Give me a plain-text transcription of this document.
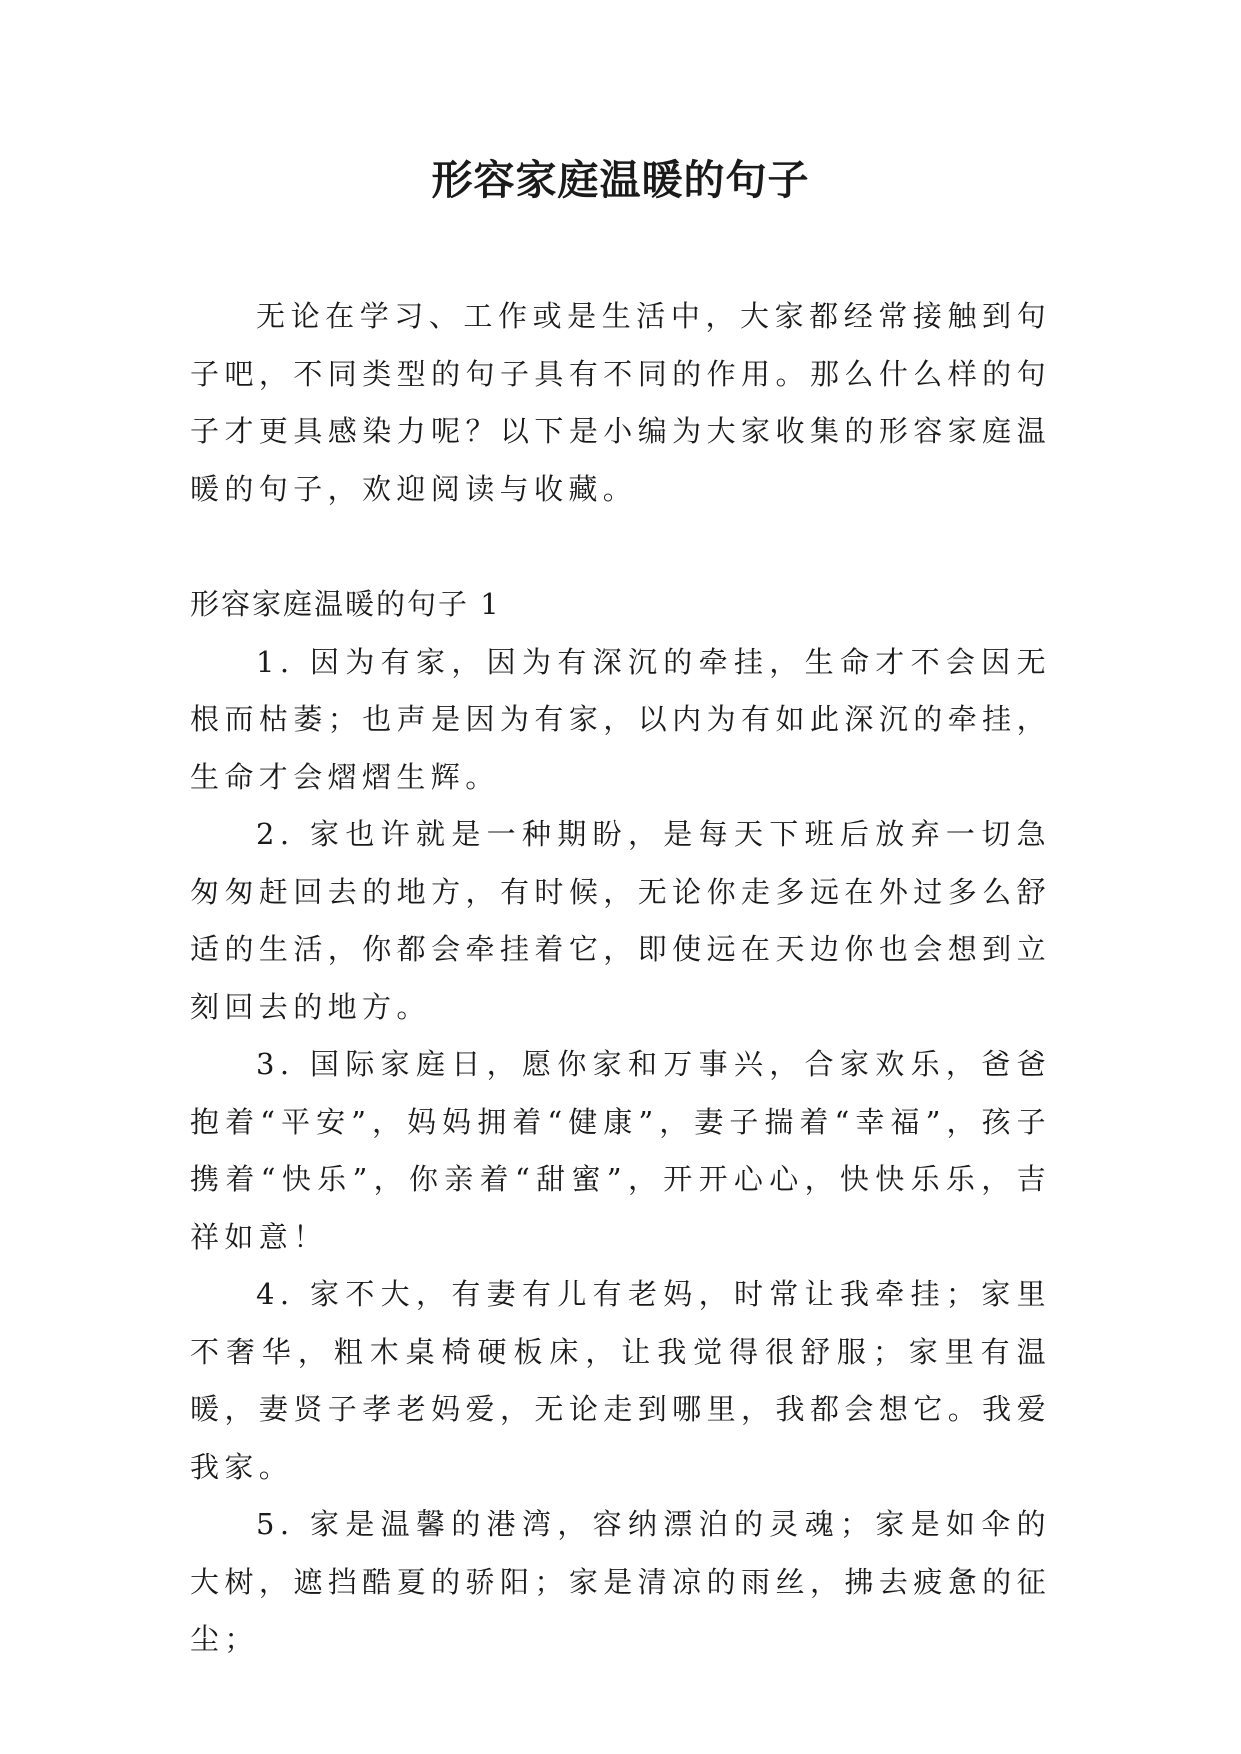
形容家庭温暖的句子

无论在学习、工作或是生活中，大家都经常接触到句子吧，不同类型的句子具有不同的作用。那么什么样的句子才更具感染力呢？以下是小编为大家收集的形容家庭温暖的句子，欢迎阅读与收藏。

形容家庭温暖的句子 1

1. 因为有家，因为有深沉的牵挂，生命才不会因无根而枯萎；也声是因为有家，以内为有如此深沉的牵挂，生命才会熠熠生辉。

2. 家也许就是一种期盼，是每天下班后放弃一切急匆匆赶回去的地方，有时候，无论你走多远在外过多么舒适的生活，你都会牵挂着它，即使远在天边你也会想到立刻回去的地方。

3. 国际家庭日，愿你家和万事兴，合家欢乐，爸爸抱着“平安”，妈妈拥着“健康”，妻子揣着“幸福”，孩子携着“快乐”，你亲着“甜蜜”，开开心心，快快乐乐，吉祥如意！

4. 家不大，有妻有儿有老妈，时常让我牵挂；家里不奢华，粗木桌椅硬板床，让我觉得很舒服；家里有温暖，妻贤子孝老妈爱，无论走到哪里，我都会想它。我爱我家。

5. 家是温馨的港湾，容纳漂泊的灵魂；家是如伞的大树，遮挡酷夏的骄阳；家是清凉的雨丝，拂去疲惫的征尘；
